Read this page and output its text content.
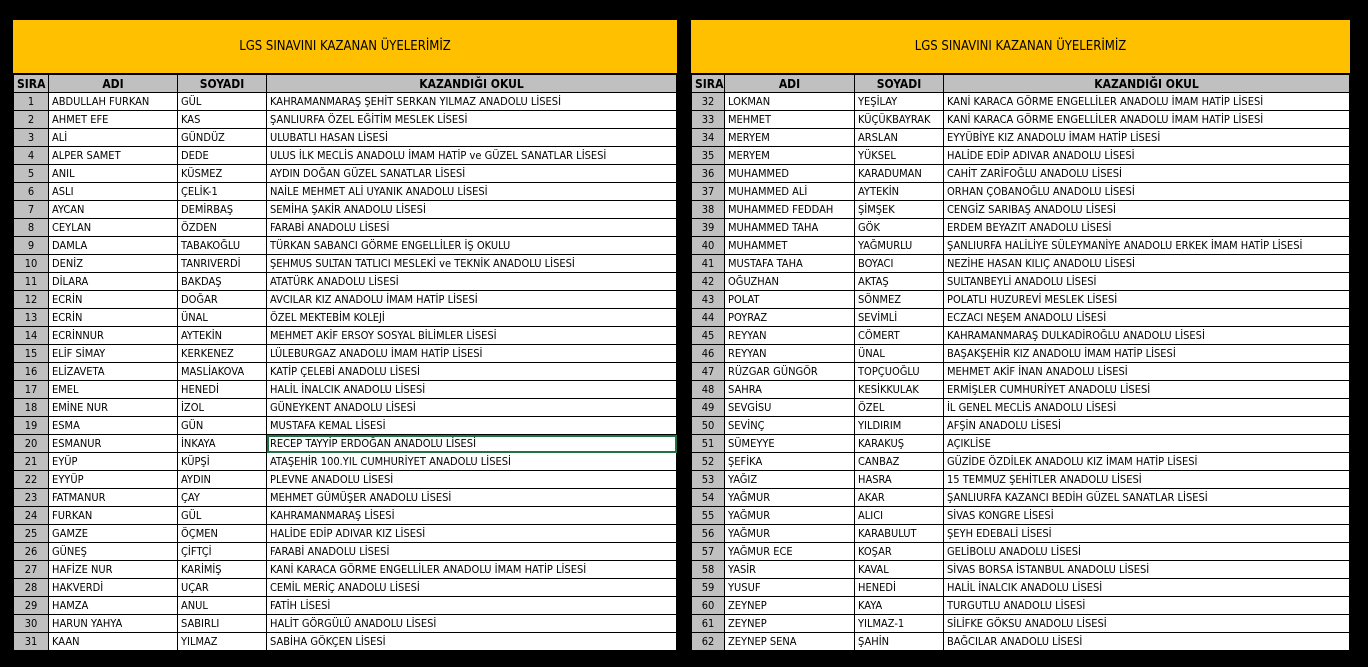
LGS SINAVINI KAZANAN ÜYELERİMİZ
SIRA	ADI	SOYADI	KAZANDIĞI OKUL
1	ABDULLAH FURKAN	GÜL	KAHRAMANMARAŞ ŞEHİT SERKAN YILMAZ ANADOLU LİSESİ
2	AHMET EFE	KAS	ŞANLIURFA ÖZEL EĞİTİM MESLEK LİSESİ
3	ALİ	GÜNDÜZ	ULUBATLI HASAN LİSESİ
4	ALPER SAMET	DEDE	ULUS İLK MECLİS ANADOLU İMAM HATİP ve GÜZEL SANATLAR LİSESİ
5	ANIL	KÜSMEZ	AYDIN DOĞAN GÜZEL SANATLAR LİSESİ
6	ASLI	ÇELİK-1	NAİLE MEHMET ALİ UYANIK ANADOLU LİSESİ
7	AYCAN	DEMİRBAŞ	SEMİHA ŞAKİR ANADOLU LİSESİ
8	CEYLAN	ÖZDEN	FARABİ ANADOLU LİSESİ
9	DAMLA	TABAKOĞLU	TÜRKAN SABANCI GÖRME ENGELLİLER İŞ OKULU
10	DENİZ	TANRIVERDİ	ŞEHMUS SULTAN TATLICI MESLEKİ ve TEKNİK ANADOLU LİSESİ
11	DİLARA	BAKDAŞ	ATATÜRK ANADOLU LİSESİ
12	ECRİN	DOĞAR	AVCILAR KIZ ANADOLU İMAM HATİP LİSESİ
13	ECRİN	ÜNAL	ÖZEL MEKTEBİM KOLEJİ
14	ECRİNNUR	AYTEKİN	MEHMET AKİF ERSOY SOSYAL BİLİMLER LİSESİ
15	ELİF SİMAY	KERKENEZ	LÜLEBURGAZ ANADOLU İMAM HATİP LİSESİ
16	ELİZAVETA	MASLİAKOVA	KATİP ÇELEBİ ANADOLU LİSESİ
17	EMEL	HENEDİ	HALİL İNALCIK ANADOLU LİSESİ
18	EMİNE NUR	İZOL	GÜNEYKENT ANADOLU LİSESİ
19	ESMA	GÜN	MUSTAFA KEMAL LİSESİ
20	ESMANUR	İNKAYA	RECEP TAYYİP ERDOĞAN ANADOLU LİSESİ
21	EYÜP	KÜPŞİ	ATAŞEHİR 100.YIL CUMHURİYET ANADOLU LİSESİ
22	EYYÜP	AYDIN	PLEVNE ANADOLU LİSESİ
23	FATMANUR	ÇAY	MEHMET GÜMÜŞER ANADOLU LİSESİ
24	FURKAN	GÜL	KAHRAMANMARAŞ LİSESİ
25	GAMZE	ÖÇMEN	HALİDE EDİP ADIVAR KIZ LİSESİ
26	GÜNEŞ	ÇİFTÇİ	FARABİ ANADOLU LİSESİ
27	HAFİZE NUR	KARİMİŞ	KANİ KARACA GÖRME ENGELLİLER ANADOLU İMAM HATİP LİSESİ
28	HAKVERDİ	UÇAR	CEMİL MERİÇ ANADOLU LİSESİ
29	HAMZA	ANUL	FATİH LİSESİ
30	HARUN YAHYA	SABIRLI	HALİT GÖRGÜLÜ ANADOLU LİSESİ
31	KAAN	YILMAZ	SABİHA GÖKÇEN LİSESİ
LGS SINAVINI KAZANAN ÜYELERİMİZ
SIRA	ADI	SOYADI	KAZANDIĞI OKUL
32	LOKMAN	YEŞİLAY	KANİ KARACA GÖRME ENGELLİLER ANADOLU İMAM HATİP LİSESİ
33	MEHMET	KÜÇÜKBAYRAK	KANİ KARACA GÖRME ENGELLİLER ANADOLU İMAM HATİP LİSESİ
34	MERYEM	ARSLAN	EYYÜBİYE KIZ ANADOLU İMAM HATİP LİSESİ
35	MERYEM	YÜKSEL	HALİDE EDİP ADIVAR ANADOLU LİSESİ
36	MUHAMMED	KARADUMAN	CAHİT ZARİFOĞLU ANADOLU LİSESİ
37	MUHAMMED ALİ	AYTEKİN	ORHAN ÇOBANOĞLU ANADOLU LİSESİ
38	MUHAMMED FEDDAH	ŞİMŞEK	CENGİZ SARIBAŞ ANADOLU LİSESİ
39	MUHAMMED TAHA	GÖK	ERDEM BEYAZIT ANADOLU LİSESİ
40	MUHAMMET	YAĞMURLU	ŞANLIURFA HALİLİYE SÜLEYMANİYE ANADOLU ERKEK İMAM HATİP LİSESİ
41	MUSTAFA TAHA	BOYACI	NEZİHE HASAN KILIÇ ANADOLU LİSESİ
42	OĞUZHAN	AKTAŞ	SULTANBEYLİ ANADOLU LİSESİ
43	POLAT	SÖNMEZ	POLATLI HUZUREVİ MESLEK LİSESİ
44	POYRAZ	SEVİMLİ	ECZACI NEŞEM ANADOLU LİSESİ
45	REYYAN	CÖMERT	KAHRAMANMARAŞ DULKADİROĞLU ANADOLU LİSESİ
46	REYYAN	ÜNAL	BAŞAKŞEHİR KIZ ANADOLU İMAM HATİP LİSESİ
47	RÜZGAR GÜNGÖR	TOPÇUOĞLU	MEHMET AKİF İNAN ANADOLU LİSESİ
48	SAHRA	KESİKKULAK	ERMİŞLER CUMHURİYET ANADOLU LİSESİ
49	SEVGİSU	ÖZEL	İL GENEL MECLİS ANADOLU LİSESİ
50	SEVİNÇ	YILDIRIM	AFŞİN ANADOLU LİSESİ
51	SÜMEYYE	KARAKUŞ	AÇIKLİSE
52	ŞEFİKA	CANBAZ	GÜZİDE ÖZDİLEK ANADOLU KIZ İMAM HATİP LİSESİ
53	YAĞIZ	HASRA	15 TEMMUZ ŞEHİTLER ANADOLU LİSESİ
54	YAĞMUR	AKAR	ŞANLIURFA KAZANCI BEDİH GÜZEL SANATLAR LİSESİ
55	YAĞMUR	ALICI	SİVAS KONGRE LİSESİ
56	YAĞMUR	KARABULUT	ŞEYH EDEBALİ LİSESİ
57	YAĞMUR ECE	KOŞAR	GELİBOLU ANADOLU LİSESİ
58	YASİR	KAVAL	SİVAS BORSA İSTANBUL ANADOLU LİSESİ
59	YUSUF	HENEDİ	HALİL İNALCIK ANADOLU LİSESİ
60	ZEYNEP	KAYA	TURGUTLU ANADOLU LİSESİ
61	ZEYNEP	YILMAZ-1	SİLİFKE GÖKSU ANADOLU LİSESİ
62	ZEYNEP SENA	ŞAHİN	BAĞCILAR ANADOLU LİSESİ
